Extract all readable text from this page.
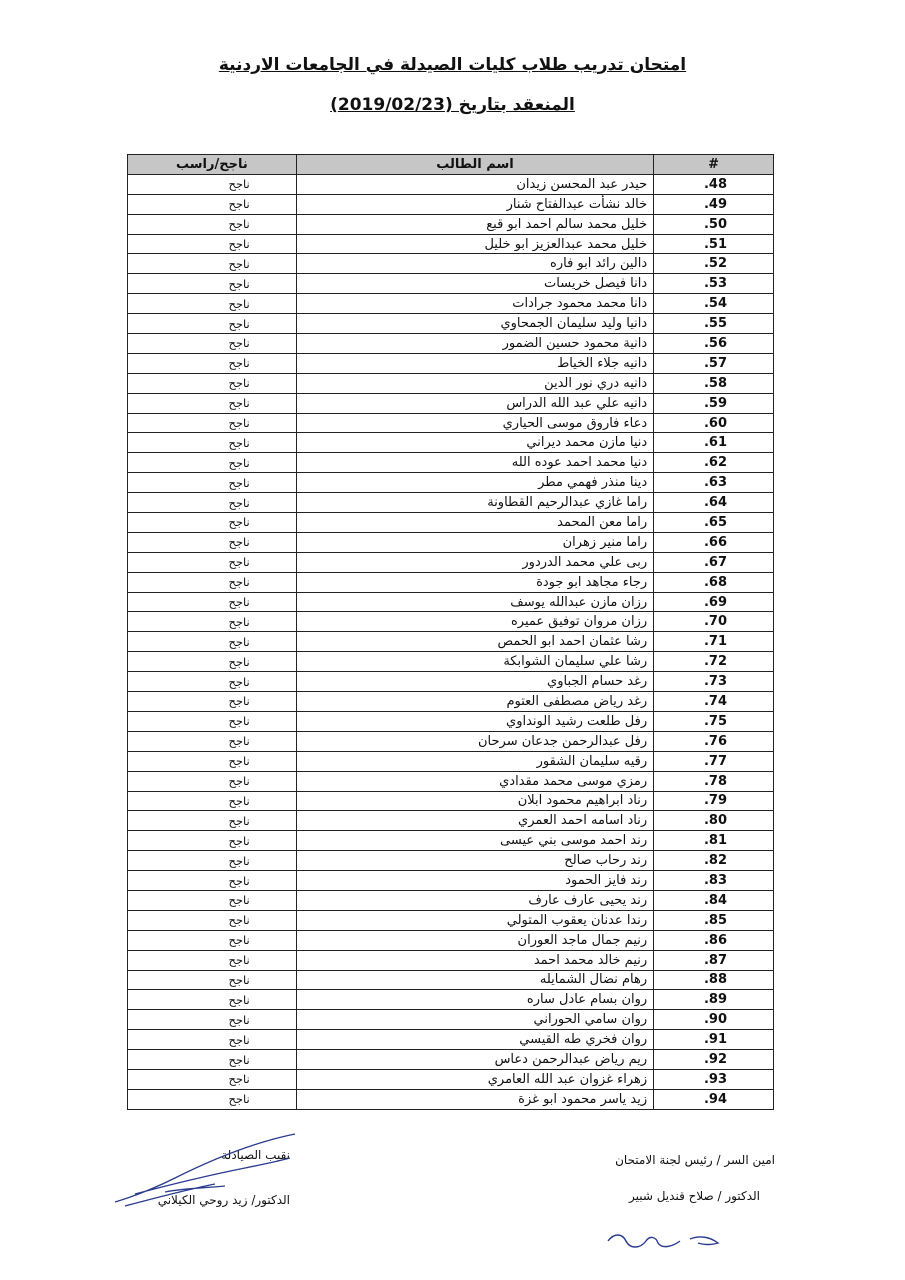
امتحان تدريب طلاب كليات الصيدلة في الجامعات الاردنية
المنعقد بتاريخ (2019/02/23)
#	اسم الطالب	ناجح/راسب
48.	حيدر عبد المحسن زيدان	ناجح
49.	خالد نشأت عبدالفتاح شنار	ناجح
50.	خليل محمد سالم احمد ابو قبع	ناجح
51.	خليل محمد عبدالعزيز ابو خليل	ناجح
52.	دالين رائد ابو فاره	ناجح
53.	دانا فيصل خريسات	ناجح
54.	دانا محمد محمود جرادات	ناجح
55.	دانيا وليد سليمان الجمحاوي	ناجح
56.	دانية محمود حسين الضمور	ناجح
57.	دانيه جلاء الخياط	ناجح
58.	دانيه دري نور الدين	ناجح
59.	دانيه علي عبد الله الدراس	ناجح
60.	دعاء فاروق موسى الحياري	ناجح
61.	دنيا مازن محمد ديراني	ناجح
62.	دنيا محمد احمد عوده الله	ناجح
63.	دينا منذر فهمي مطر	ناجح
64.	راما غازي عبدالرحيم القطاونة	ناجح
65.	راما معن المحمد	ناجح
66.	راما منير زهران	ناجح
67.	ربى علي محمد الدردور	ناجح
68.	رجاء مجاهد ابو جودة	ناجح
69.	رزان مازن عبدالله يوسف	ناجح
70.	رزان مروان توفيق عميره	ناجح
71.	رشا عثمان احمد ابو الحمص	ناجح
72.	رشا علي سليمان الشوابكة	ناجح
73.	رغد حسام الجباوي	ناجح
74.	رغد رياض مصطفى العتوم	ناجح
75.	رفل طلعت رشيد الونداوي	ناجح
76.	رفل عبدالرحمن جدعان سرحان	ناجح
77.	رقيه سليمان الشقور	ناجح
78.	رمزي موسى محمد مقدادي	ناجح
79.	رناد ابراهيم محمود ابلان	ناجح
80.	رناد اسامه احمد العمري	ناجح
81.	رند احمد موسى بني عيسى	ناجح
82.	رند رحاب صالح	ناجح
83.	رند فايز الحمود	ناجح
84.	رند يحيى عارف عارف	ناجح
85.	رندا عدنان يعقوب المتولي	ناجح
86.	رنيم جمال ماجد العوران	ناجح
87.	رنيم خالد محمد احمد	ناجح
88.	رهام نضال الشمايله	ناجح
89.	روان بسام عادل ساره	ناجح
90.	روان سامي الحوراني	ناجح
91.	روان فخري طه القيسي	ناجح
92.	ريم رياض عبدالرحمن دعاس	ناجح
93.	زهراء غزوان عبد الله العامري	ناجح
94.	زيد ياسر محمود ابو غزة	ناجح
نقيب الصيادلة
الدكتور/ زيد روحي الكيلاني
امين السر / رئيس لجنة الامتحان
الدكتور / صلاح قنديل شبير
